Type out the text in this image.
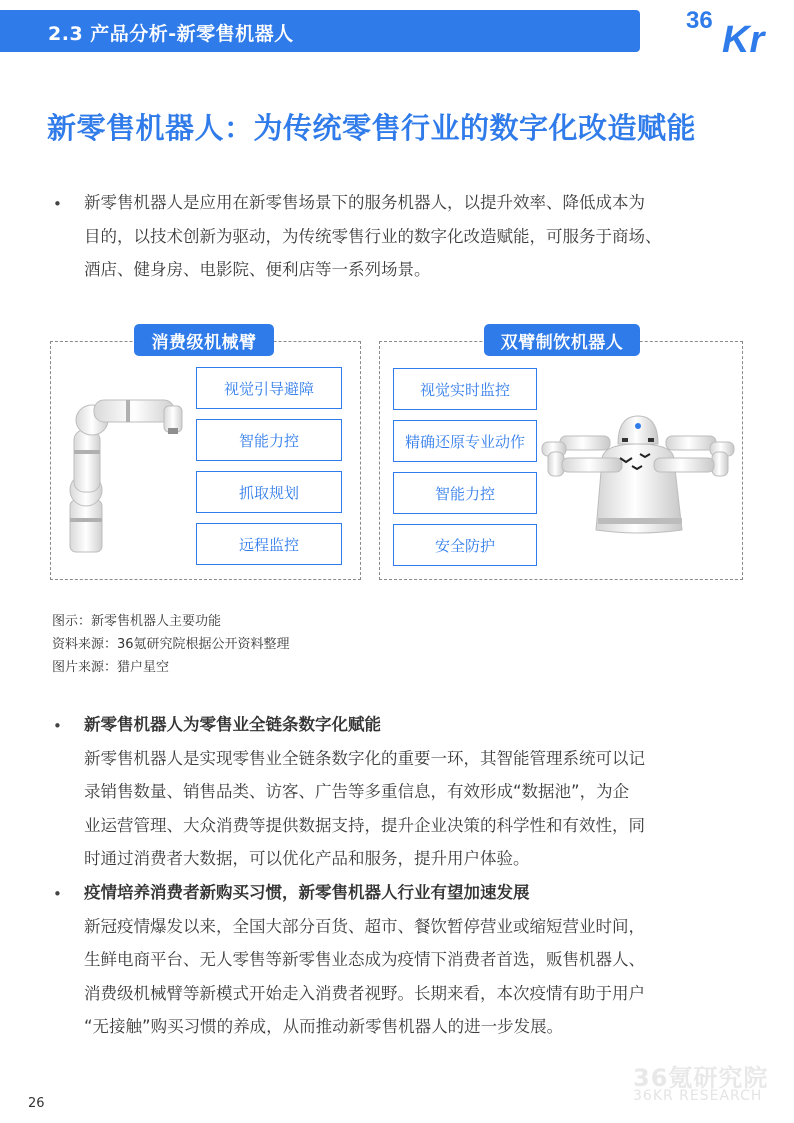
2.3 产品分析-新零售机器人	36 Kr
新零售机器人：为传统零售行业的数字化改造赋能
• 新零售机器人是应用在新零售场景下的服务机器人，以提升效率、降低成本为
目的，以技术创新为驱动，为传统零售行业的数字化改造赋能，可服务于商场、
酒店、健身房、电影院、便利店等一系列场景。
消费级机械臂
视觉引导避障
智能力控
抓取规划
远程监控
双臂制饮机器人
视觉实时监控
精确还原专业动作
智能力控
安全防护
图示：新零售机器人主要功能
资料来源：36氪研究院根据公开资料整理
图片来源：猎户星空
• 新零售机器人为零售业全链条数字化赋能
新零售机器人是实现零售业全链条数字化的重要一环，其智能管理系统可以记
录销售数量、销售品类、访客、广告等多重信息，有效形成“数据池”，为企
业运营管理、大众消费等提供数据支持，提升企业决策的科学性和有效性，同
时通过消费者大数据，可以优化产品和服务，提升用户体验。
• 疫情培养消费者新购买习惯，新零售机器人行业有望加速发展
新冠疫情爆发以来，全国大部分百货、超市、餐饮暂停营业或缩短营业时间，
生鲜电商平台、无人零售等新零售业态成为疫情下消费者首选，贩售机器人、
消费级机械臂等新模式开始走入消费者视野。长期来看，本次疫情有助于用户
“无接触”购买习惯的养成，从而推动新零售机器人的进一步发展。
36氪研究院
36KR RESEARCH
26
